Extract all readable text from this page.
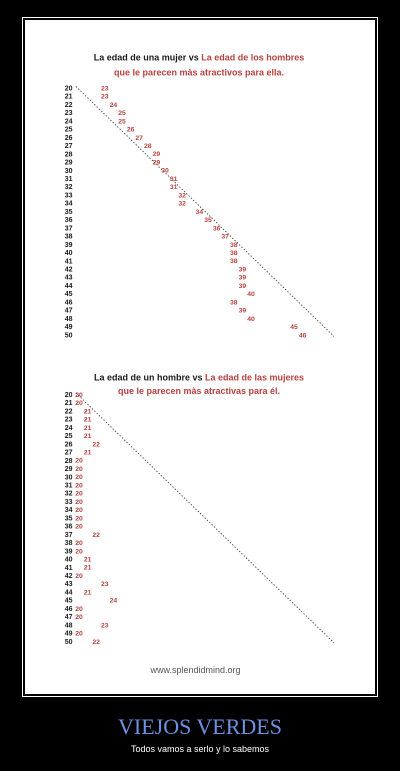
La edad de una mujer vs La edad de los hombres
que le parecen màs atractivos para ella.
20	23
21	23
22	24
23	25
24	25
25	26
26	27
27	28
28	29
29	29
30	30
31	31
32	31
33	32
34	32
35	34
36	35
37	36
38	37
39	38
40	38
41	38
42	39
43	39
44	39
45	40
46	38
47	39
48	40
49	45
50	46
La edad de un hombre vs La edad de las mujeres
que le parecen màs atractivas para él.
20 20
21 20
22 21
23 21
24 21
25 21
26	22
27 21
28 20
29 20
30 20
31 20
32 20
33 20
34 20
35 20
36 20
37	22
38 20
39 20
40 21
41 21
42 20
43	23
44 21
45	24
46 20
47 20
48	23
49 20
50	22
www.splendidmind.org
VIEJOS VERDES
Todos vamos a serlo y lo sabemos
